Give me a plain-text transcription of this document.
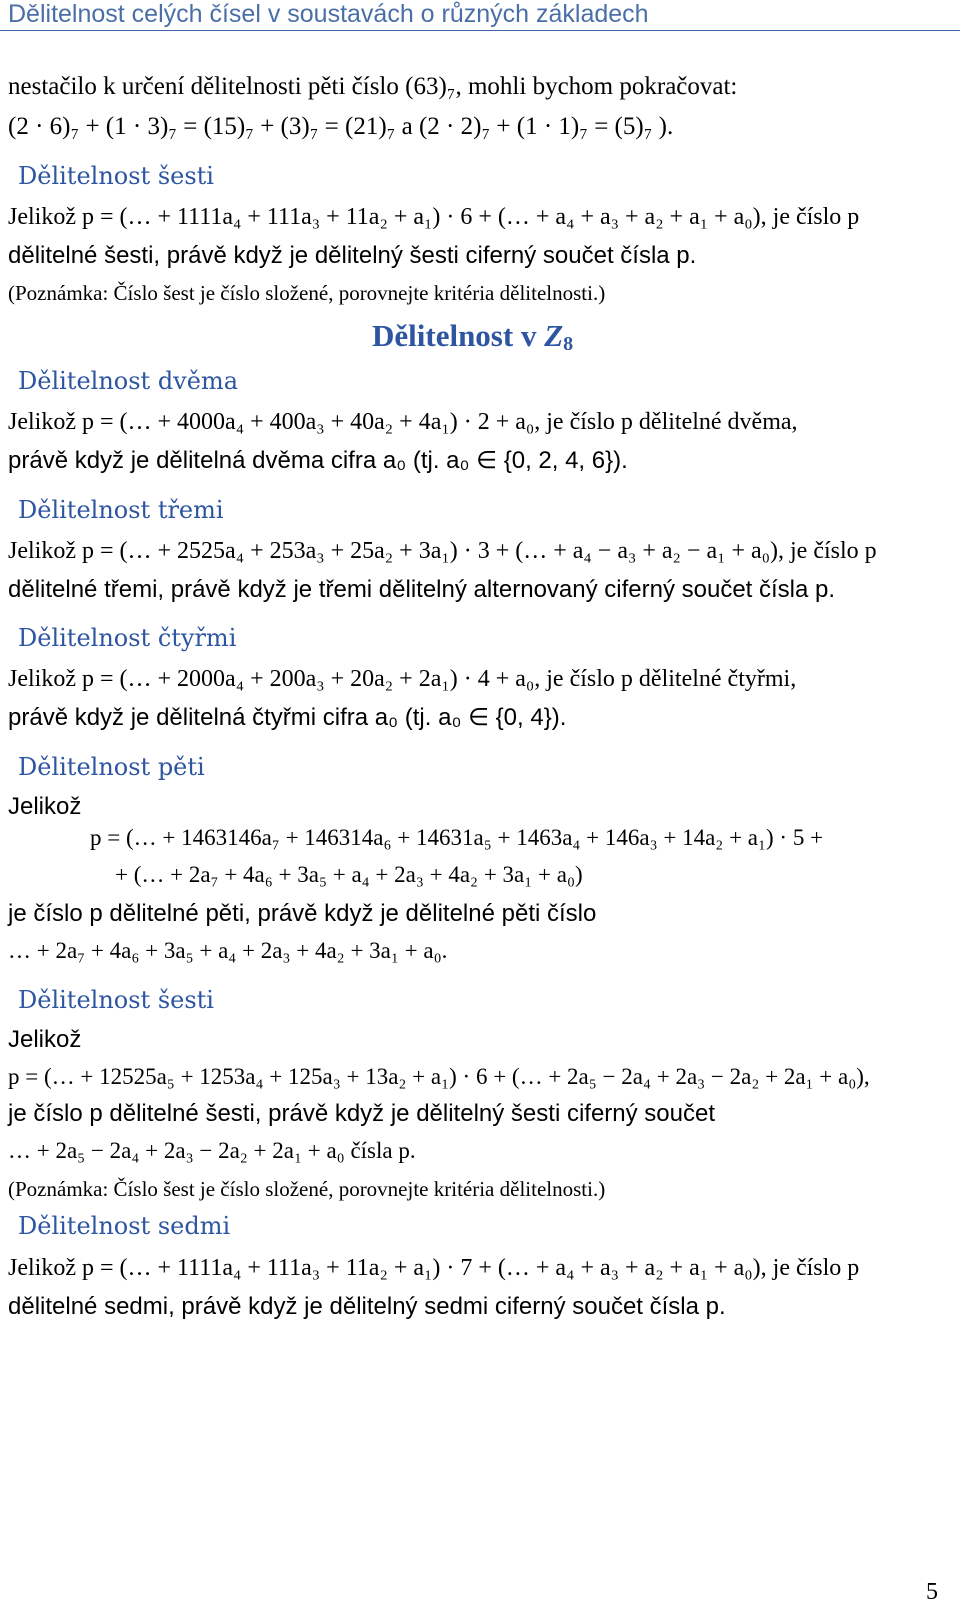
Dělitelnost celých čísel v soustavách o různých základech
nestačilo k určení dělitelnosti pěti číslo (63)₇, mohli bychom pokračovat:
(2 · 6)₇ + (1 · 3)₇ = (15)₇ + (3)₇ = (21)₇ a (2 · 2)₇ + (1 · 1)₇ = (5)₇ ).
Dělitelnost šesti
Jelikož p = (… + 1111a₄ + 111a₃ + 11a₂ + a₁) · 6 + (… + a₄ + a₃ + a₂ + a₁ + a₀), je číslo p
dělitelné šesti, právě když je dělitelný šesti ciferný součet čísla p.
(Poznámka: Číslo šest je číslo složené, porovnejte kritéria dělitelnosti.)
Dělitelnost v $Z_8$
Dělitelnost dvěma
Jelikož p = (… + 4000a₄ + 400a₃ + 40a₂ + 4a₁) · 2 + a₀, je číslo p dělitelné dvěma,
právě když je dělitelná dvěma cifra a₀ (tj. a₀ ∈ {0, 2, 4, 6}).
Dělitelnost třemi
Jelikož p = (… + 2525a₄ + 253a₃ + 25a₂ + 3a₁) · 3 + (… + a₄ − a₃ + a₂ − a₁ + a₀), je číslo p
dělitelné třemi, právě když je třemi dělitelný alternovaný ciferný součet čísla p.
Dělitelnost čtyřmi
Jelikož p = (… + 2000a₄ + 200a₃ + 20a₂ + 2a₁) · 4 + a₀, je číslo p dělitelné čtyřmi,
právě když je dělitelná čtyřmi cifra a₀ (tj. a₀ ∈ {0, 4}).
Dělitelnost pěti
Jelikož
p = (… + 1463146a₇ + 146314a₆ + 14631a₅ + 1463a₄ + 146a₃ + 14a₂ + a₁) · 5 +
+ (… + 2a₇ + 4a₆ + 3a₅ + a₄ + 2a₃ + 4a₂ + 3a₁ + a₀)
je číslo p dělitelné pěti, právě když je dělitelné pěti číslo
… + 2a₇ + 4a₆ + 3a₅ + a₄ + 2a₃ + 4a₂ + 3a₁ + a₀.
Dělitelnost šesti
Jelikož
p = (… + 12525a₅ + 1253a₄ + 125a₃ + 13a₂ + a₁) · 6 + (… + 2a₅ − 2a₄ + 2a₃ − 2a₂ + 2a₁ + a₀),
je číslo p dělitelné šesti, právě když je dělitelný šesti ciferný součet
… + 2a₅ − 2a₄ + 2a₃ − 2a₂ + 2a₁ + a₀ čísla p.
(Poznámka: Číslo šest je číslo složené, porovnejte kritéria dělitelnosti.)
Dělitelnost sedmi
Jelikož p = (… + 1111a₄ + 111a₃ + 11a₂ + a₁) · 7 + (… + a₄ + a₃ + a₂ + a₁ + a₀), je číslo p
dělitelné sedmi, právě když je dělitelný sedmi ciferný součet čísla p.
5
